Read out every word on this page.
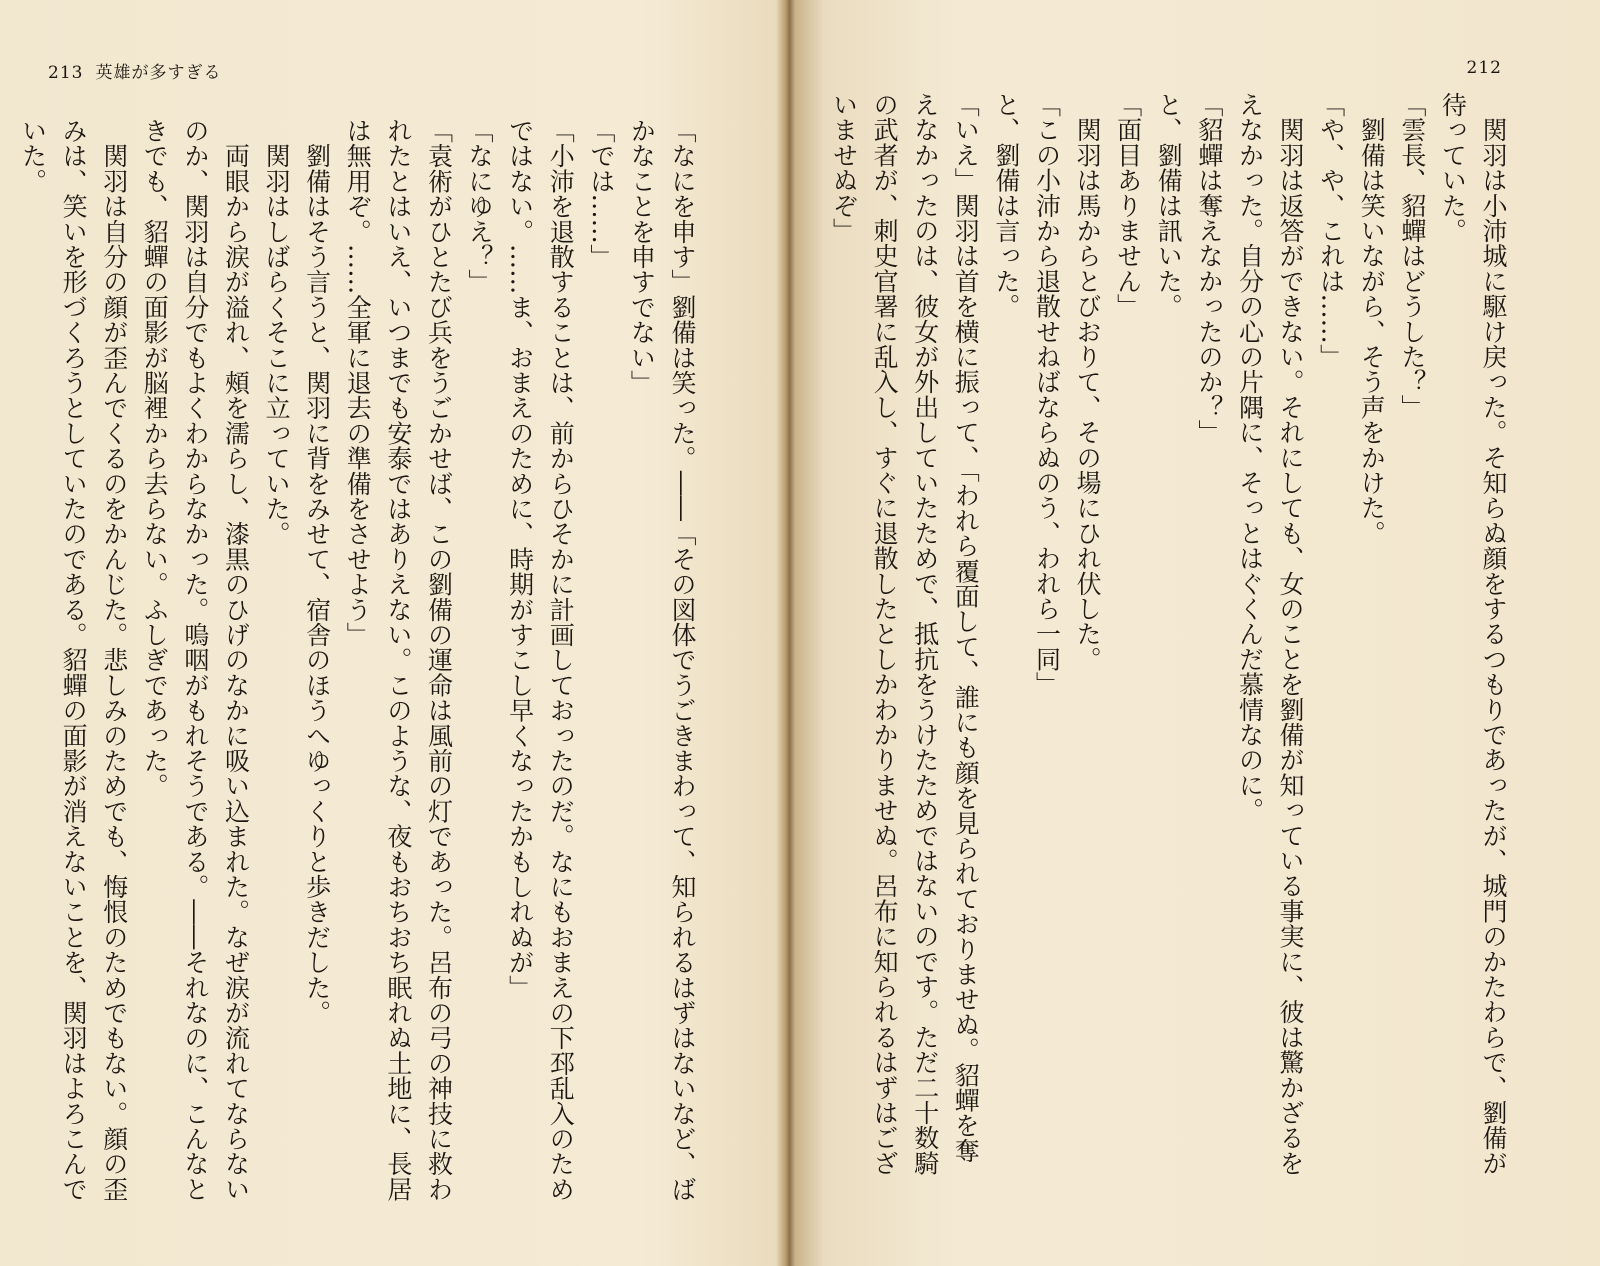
213 英雄が多すぎる
「なにを申す」劉備は笑った。――「その図体でうごきまわって、知られるはずはないなど、ば
かなことを申すでない」
「では……」
「小沛を退散することは、前からひそかに計画しておったのだ。なにもおまえの下邳乱入のため
ではない。……ま、おまえのために、時期がすこし早くなったかもしれぬが」
「なにゆえ？」
「袁術がひとたび兵をうごかせば、この劉備の運命は風前の灯であった。呂布の弓の神技に救わ
れたとはいえ、いつまでも安泰ではありえない。このような、夜もおちおち眠れぬ土地に、長居
は無用ぞ。……全軍に退去の準備をさせよう」
　劉備はそう言うと、関羽に背をみせて、宿舎のほうへゆっくりと歩きだした。
　関羽はしばらくそこに立っていた。
　両眼から涙が溢れ、頰を濡らし、漆黒のひげのなかに吸い込まれた。なぜ涙が流れてならない
のか、関羽は自分でもよくわからなかった。嗚咽がもれそうである。――それなのに、こんなと
きでも、貂蟬の面影が脳裡から去らない。ふしぎであった。
　関羽は自分の顔が歪んでくるのをかんじた。悲しみのためでも、悔恨のためでもない。顔の歪
みは、笑いを形づくろうとしていたのである。貂蟬の面影が消えないことを、関羽はよろこんで
いた。
212
　関羽は小沛城に駆け戻った。そ知らぬ顔をするつもりであったが、城門のかたわらで、劉備が
待っていた。
「雲長、貂蟬はどうした？」
　劉備は笑いながら、そう声をかけた。
「や、や、これは……」
　関羽は返答ができない。それにしても、女のことを劉備が知っている事実に、彼は驚かざるを
えなかった。自分の心の片隅に、そっとはぐくんだ慕情なのに。
「貂蟬は奪えなかったのか？」
と、劉備は訊いた。
「面目ありません」
　関羽は馬からとびおりて、その場にひれ伏した。
「この小沛から退散せねばならぬのう、われら一同」
と、劉備は言った。
「いえ」関羽は首を横に振って、「われら覆面して、誰にも顔を見られておりませぬ。貂蟬を奪
えなかったのは、彼女が外出していたためで、抵抗をうけたためではないのです。ただ二十数騎
の武者が、刺史官署に乱入し、すぐに退散したとしかわかりませぬ。呂布に知られるはずはござ
いませぬぞ」
